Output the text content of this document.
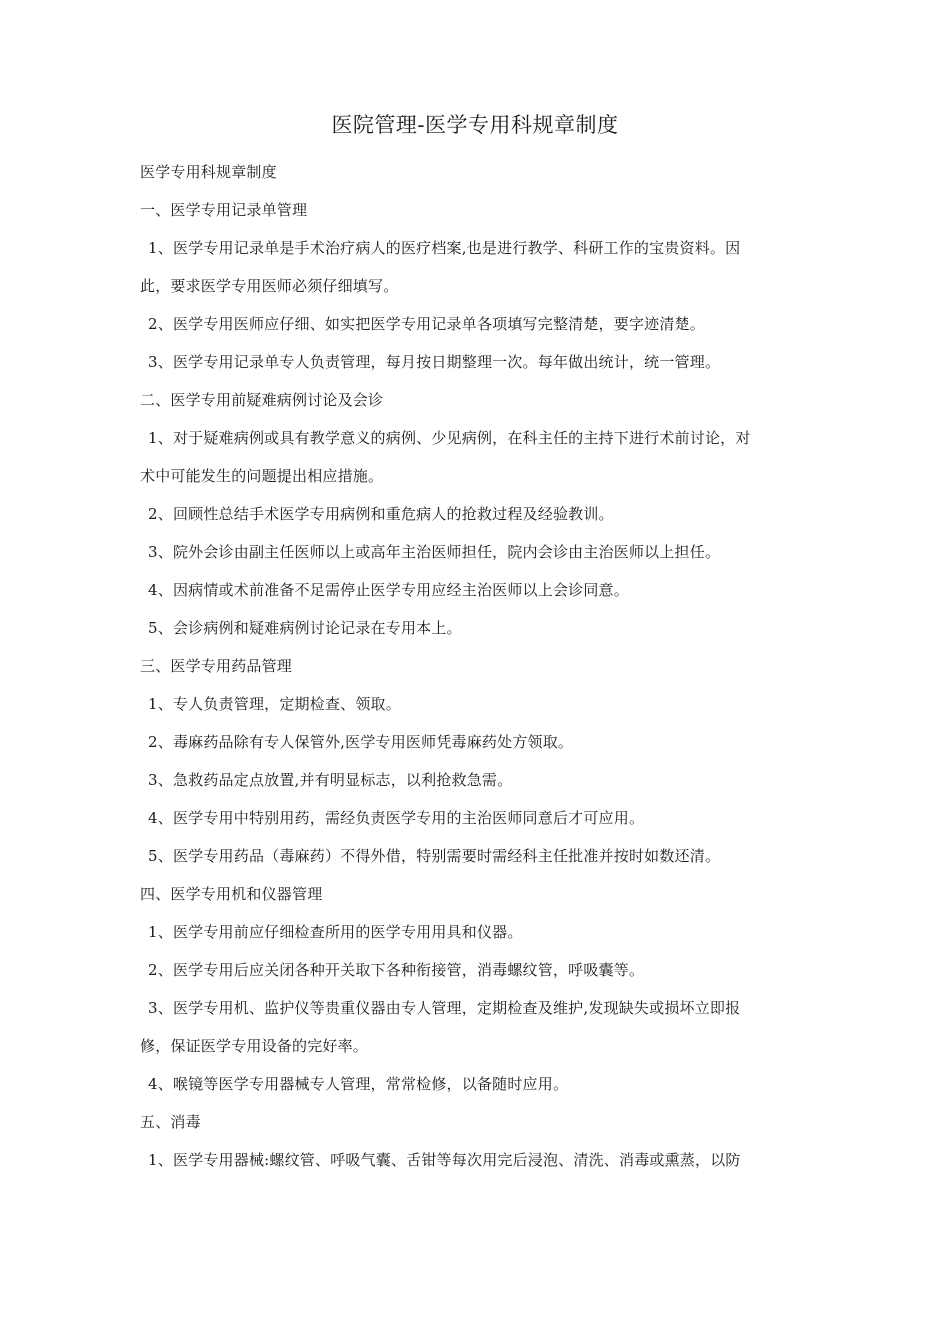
医院管理-医学专用科规章制度
医学专用科规章制度
一、医学专用记录单管理
1、医学专用记录单是手术治疗病人的医疗档案,也是进行教学、科研工作的宝贵资料。因
此，要求医学专用医师必须仔细填写。
2、医学专用医师应仔细、如实把医学专用记录单各项填写完整清楚，要字迹清楚。
3、医学专用记录单专人负责管理，每月按日期整理一次。每年做出统计，统一管理。
二、医学专用前疑难病例讨论及会诊
1、对于疑难病例或具有教学意义的病例、少见病例，在科主任的主持下进行术前讨论，对
术中可能发生的问题提出相应措施。
2、回顾性总结手术医学专用病例和重危病人的抢救过程及经验教训。
3、院外会诊由副主任医师以上或高年主治医师担任，院内会诊由主治医师以上担任。
4、因病情或术前准备不足需停止医学专用应经主治医师以上会诊同意。
5、会诊病例和疑难病例讨论记录在专用本上。
三、医学专用药品管理
1、专人负责管理，定期检查、领取。
2、毒麻药品除有专人保管外,医学专用医师凭毒麻药处方领取。
3、急救药品定点放置,并有明显标志，以利抢救急需。
4、医学专用中特别用药，需经负责医学专用的主治医师同意后才可应用。
5、医学专用药品（毒麻药）不得外借，特别需要时需经科主任批准并按时如数还清。
四、医学专用机和仪器管理
1、医学专用前应仔细检查所用的医学专用用具和仪器。
2、医学专用后应关闭各种开关取下各种衔接管，消毒螺纹管，呼吸囊等。
3、医学专用机、监护仪等贵重仪器由专人管理，定期检查及维护,发现缺失或损坏立即报
修，保证医学专用设备的完好率。
4、喉镜等医学专用器械专人管理，常常检修，以备随时应用。
五、消毒
1、医学专用器械:螺纹管、呼吸气囊、舌钳等每次用完后浸泡、清洗、消毒或熏蒸，以防
